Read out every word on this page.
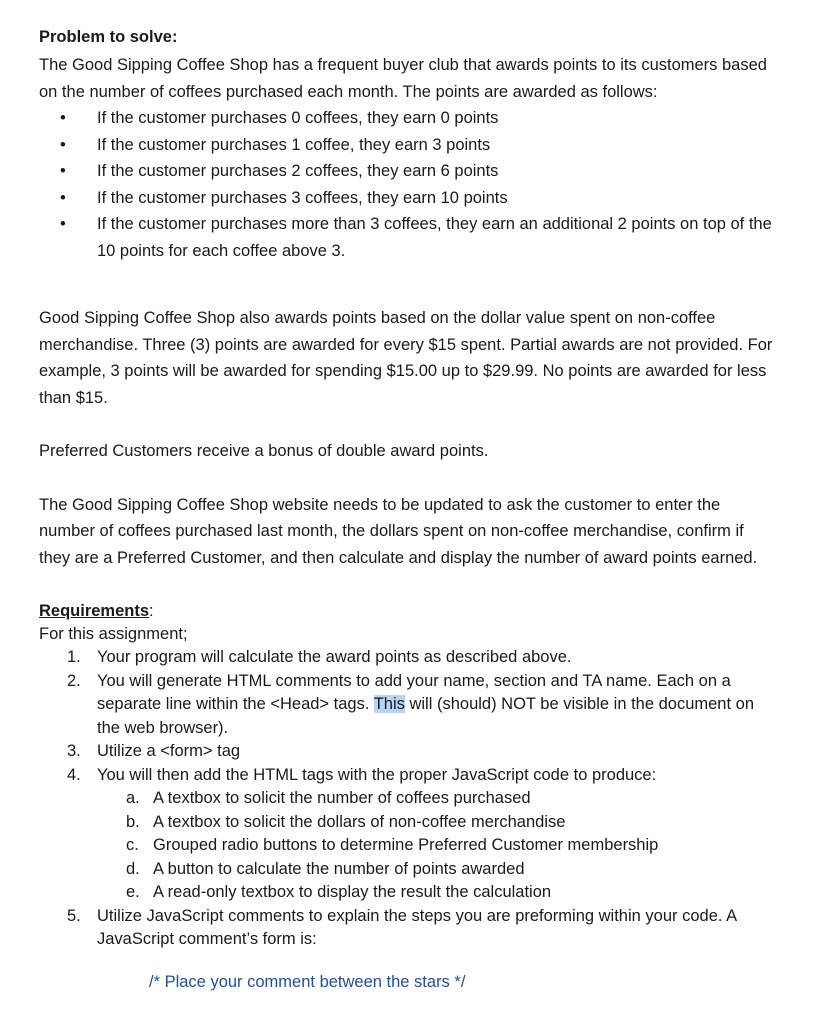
Problem to solve:

The Good Sipping Coffee Shop has a frequent buyer club that awards points to its customers based on the number of coffees purchased each month. The points are awarded as follows:

• If the customer purchases 0 coffees, they earn 0 points
• If the customer purchases 1 coffee, they earn 3 points
• If the customer purchases 2 coffees, they earn 6 points
• If the customer purchases 3 coffees, they earn 10 points
• If the customer purchases more than 3 coffees, they earn an additional 2 points on top of the 10 points for each coffee above 3.

Good Sipping Coffee Shop also awards points based on the dollar value spent on non-coffee merchandise. Three (3) points are awarded for every $15 spent. Partial awards are not provided. For example, 3 points will be awarded for spending $15.00 up to $29.99. No points are awarded for less than $15.

Preferred Customers receive a bonus of double award points.

The Good Sipping Coffee Shop website needs to be updated to ask the customer to enter the number of coffees purchased last month, the dollars spent on non-coffee merchandise, confirm if they are a Preferred Customer, and then calculate and display the number of award points earned.

Requirements:
For this assignment;
1. Your program will calculate the award points as described above.
2. You will generate HTML comments to add your name, section and TA name. Each on a separate line within the <Head> tags. This will (should) NOT be visible in the document on the web browser).
3. Utilize a <form> tag
4. You will then add the HTML tags with the proper JavaScript code to produce:
a. A textbox to solicit the number of coffees purchased
b. A textbox to solicit the dollars of non-coffee merchandise
c. Grouped radio buttons to determine Preferred Customer membership
d. A button to calculate the number of points awarded
e. A read-only textbox to display the result the calculation
5. Utilize JavaScript comments to explain the steps you are preforming within your code. A JavaScript comment’s form is:
/* Place your comment between the stars */
